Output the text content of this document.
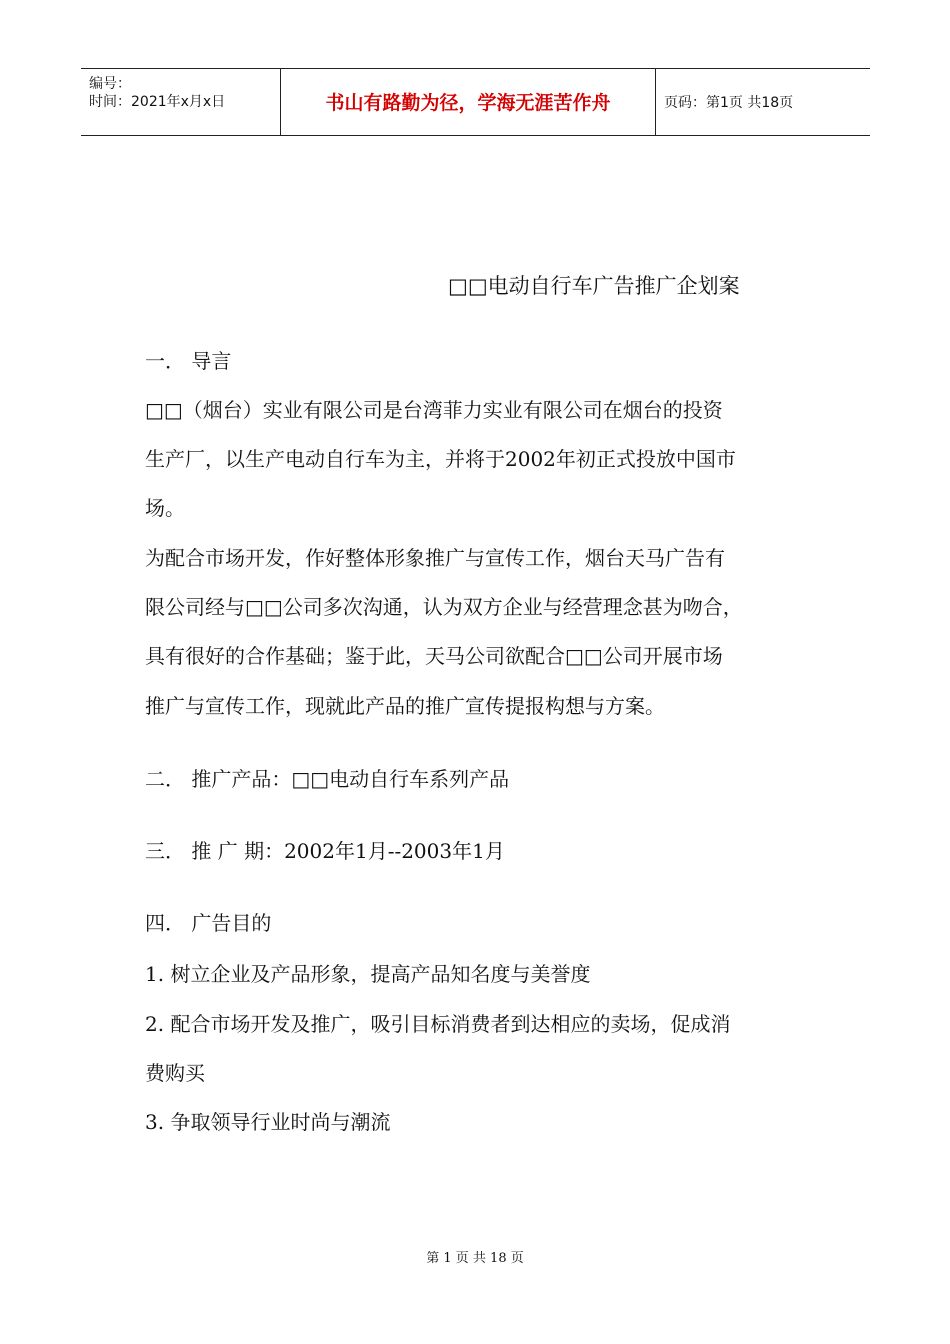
编号：
时间：2021年x月x日	书山有路勤为径，学海无涯苦作舟	页码：第1页 共18页
□□电动自行车广告推广企划案
一． 导言
□□（烟台）实业有限公司是台湾菲力实业有限公司在烟台的投资
生产厂，以生产电动自行车为主，并将于2002年初正式投放中国市
场。
为配合市场开发，作好整体形象推广与宣传工作，烟台天马广告有
限公司经与□□公司多次沟通，认为双方企业与经营理念甚为吻合，
具有很好的合作基础；鉴于此，天马公司欲配合□□公司开展市场
推广与宣传工作，现就此产品的推广宣传提报构想与方案。
二． 推广产品：□□电动自行车系列产品
三． 推 广 期：2002年1月--2003年1月
四． 广告目的
1. 树立企业及产品形象，提高产品知名度与美誉度
2. 配合市场开发及推广，吸引目标消费者到达相应的卖场，促成消
费购买
3. 争取领导行业时尚与潮流
第 1 页 共 18 页
